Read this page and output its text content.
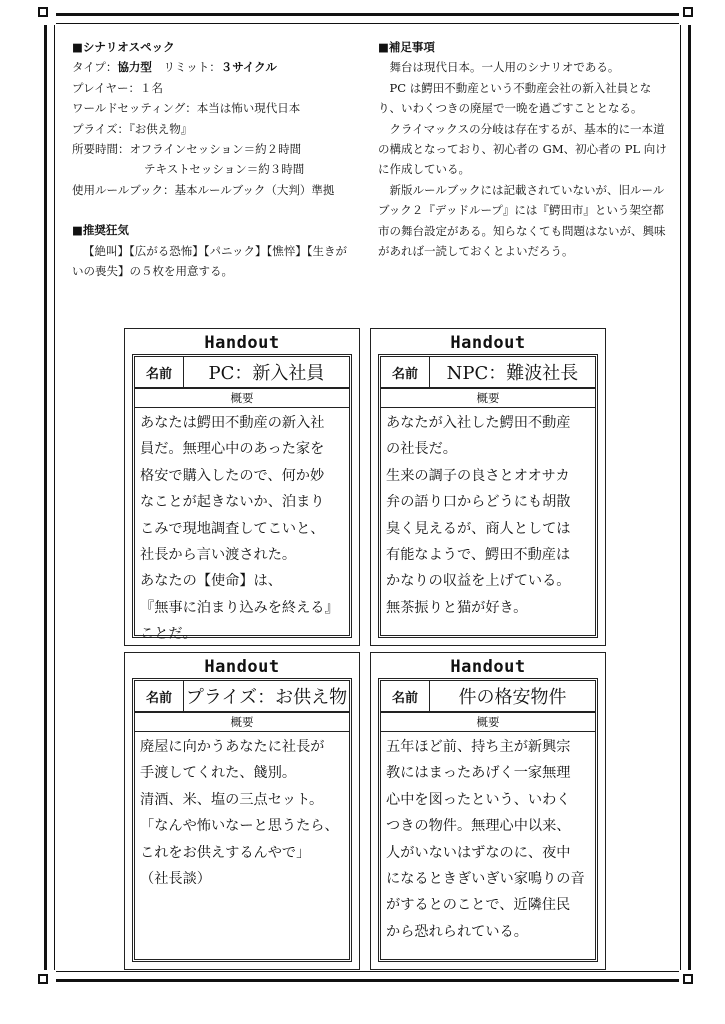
■シナリオスペック
タイプ：協力型　 リミット：３サイクル
プレイヤー：１名
ワールドセッティング：本当は怖い現代日本
プライズ：『お供え物』
所要時間：オフラインセッション＝約２時間
テキストセッション＝約３時間
使用ルールブック：基本ルールブック（大判）準拠
■推奨狂気
【絶叫】【広がる恐怖】【パニック】【憔悴】【生きが
いの喪失】の５枚を用意する。
■補足事項

舞台は現代日本。一人用のシナリオである。

PC は鰐田不動産という不動産会社の新入社員となり、いわくつきの廃屋で一晩を過ごすこととなる。

クライマックスの分岐は存在するが、基本的に一本道の構成となっており、初心者の GM、初心者の PL 向けに作成している。

新版ルールブックには記載されていないが、旧ルールブック２『デッドループ』には『鰐田市』という架空都市の舞台設定がある。知らなくても問題はないが、興味があれば一読しておくとよいだろう。

Handout
名前	PC：新入社員
概要

あなたは鰐田不動産の新入社

員だ。無理心中のあった家を

格安で購入したので、何か妙

なことが起きないか、泊まり

こみで現地調査してこいと、

社長から言い渡された。

あなたの【使命】は、

『無事に泊まり込みを終える』

ことだ。

Handout
名前	NPC：難波社長
概要

あなたが入社した鰐田不動産

の社長だ。

生来の調子の良さとオオサカ

弁の語り口からどうにも胡散

臭く見えるが、商人としては

有能なようで、鰐田不動産は

かなりの収益を上げている。

無茶振りと猫が好き。

Handout
名前 プライズ：お供え物
概要

廃屋に向かうあなたに社長が

手渡してくれた、餞別。

清酒、米、塩の三点セット。

「なんや怖いなーと思うたら、

これをお供えするんやで」

（社長談）

Handout
名前	件の格安物件
概要

五年ほど前、持ち主が新興宗

教にはまったあげく一家無理

心中を図ったという、いわく

つきの物件。無理心中以来、

人がいないはずなのに、夜中

になるときぎいぎい家鳴りの音

がするとのことで、近隣住民

から恐れられている。
